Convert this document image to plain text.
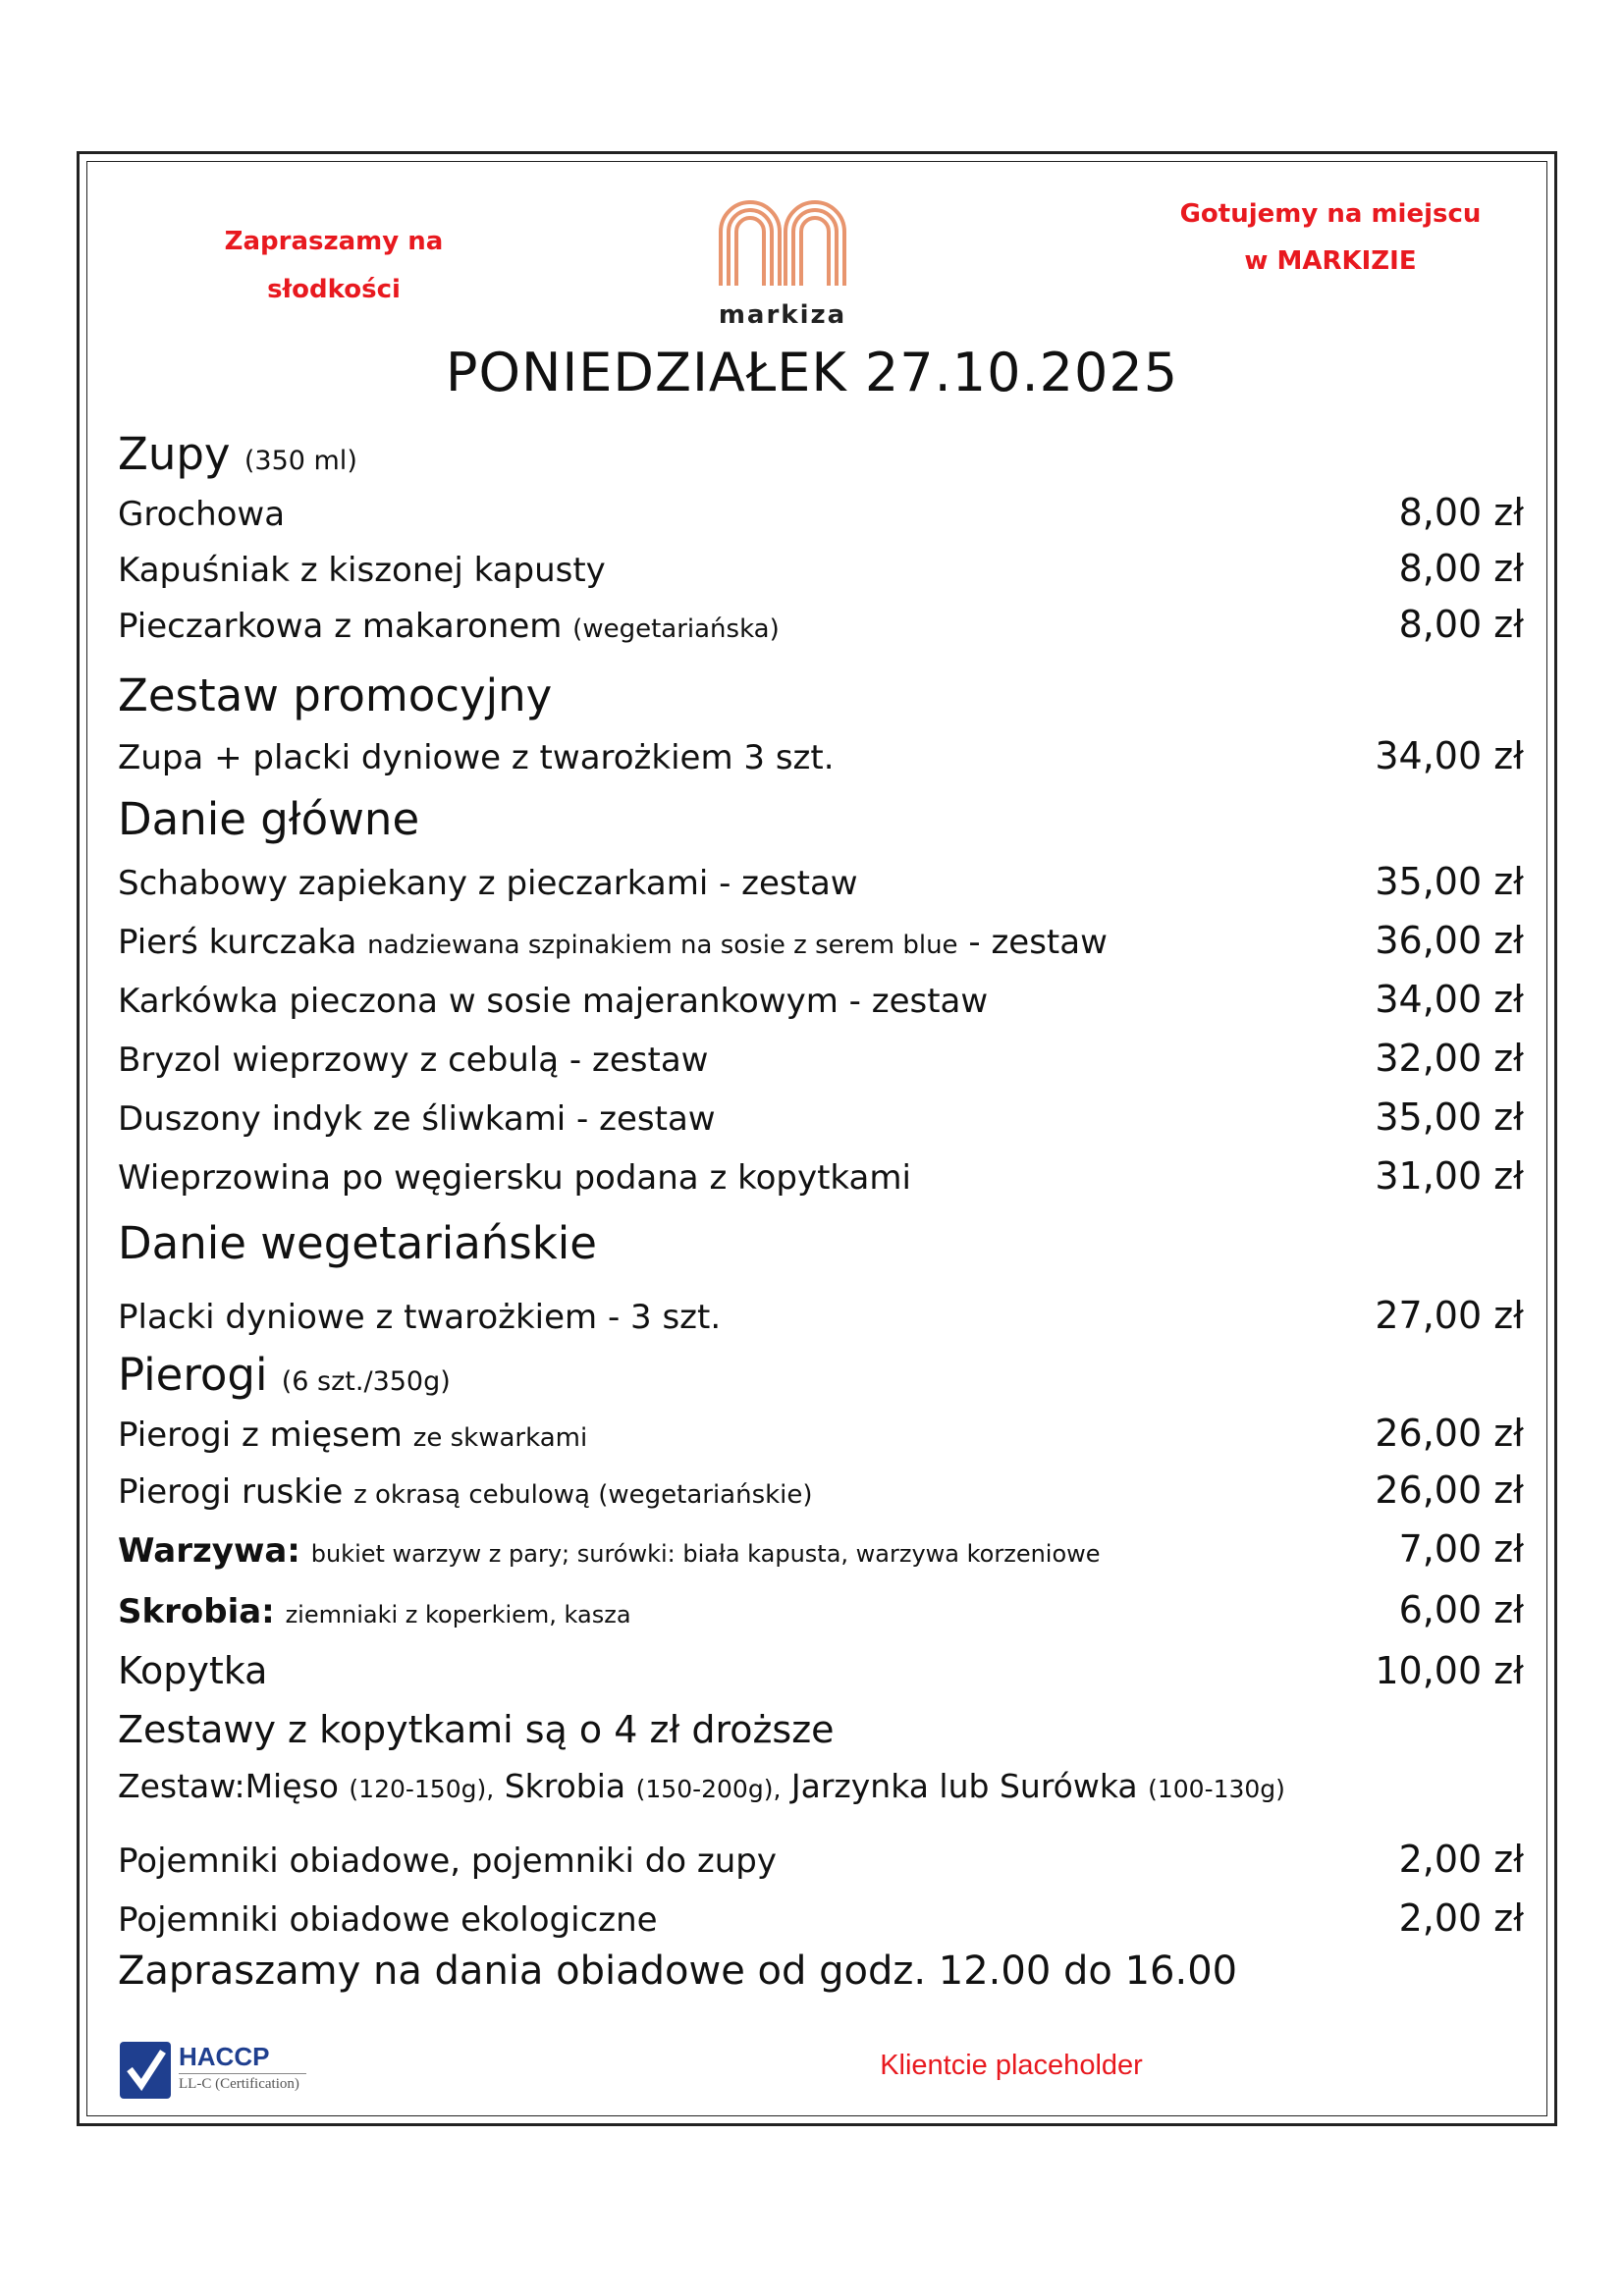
Zapraszamy na
słodkości
Gotujemy na miejscu
w MARKIZIE
markiza
PONIEDZIAŁEK 27.10.2025
Zupy (350 ml)
Grochowa	8,00 zł
Kapuśniak z kiszonej kapusty	8,00 zł
Pieczarkowa z makaronem (wegetariańska)	8,00 zł
Zestaw promocyjny
Zupa + placki dyniowe z twarożkiem 3 szt.	34,00 zł
Danie główne
Schabowy zapiekany z pieczarkami - zestaw	35,00 zł
Pierś kurczaka nadziewana szpinakiem na sosie z serem blue - zestaw	36,00 zł
Karkówka pieczona w sosie majerankowym - zestaw	34,00 zł
Bryzol wieprzowy z cebulą - zestaw	32,00 zł
Duszony indyk ze śliwkami - zestaw	35,00 zł
Wieprzowina po węgiersku podana z kopytkami	31,00 zł
Danie wegetariańskie
Placki dyniowe z twarożkiem - 3 szt.	27,00 zł
Pierogi (6 szt./350g)
Pierogi z mięsem ze skwarkami	26,00 zł
Pierogi ruskie z okrasą cebulową (wegetariańskie)	26,00 zł
Warzywa: bukiet warzyw z pary; surówki: biała kapusta, warzywa korzeniowe	7,00 zł
Skrobia: ziemniaki z koperkiem, kasza	6,00 zł
Kopytka	10,00 zł
Zestawy z kopytkami są o 4 zł droższe
Zestaw:Mięso (120-150g), Skrobia (150-200g), Jarzynka lub Surówka (100-130g)
Pojemniki obiadowe, pojemniki do zupy	2,00 zł
Pojemniki obiadowe ekologiczne	2,00 zł
Zapraszamy na dania obiadowe od godz. 12.00 do 16.00
HACCP
LL-C (Certification)
Klientcie placeholder
